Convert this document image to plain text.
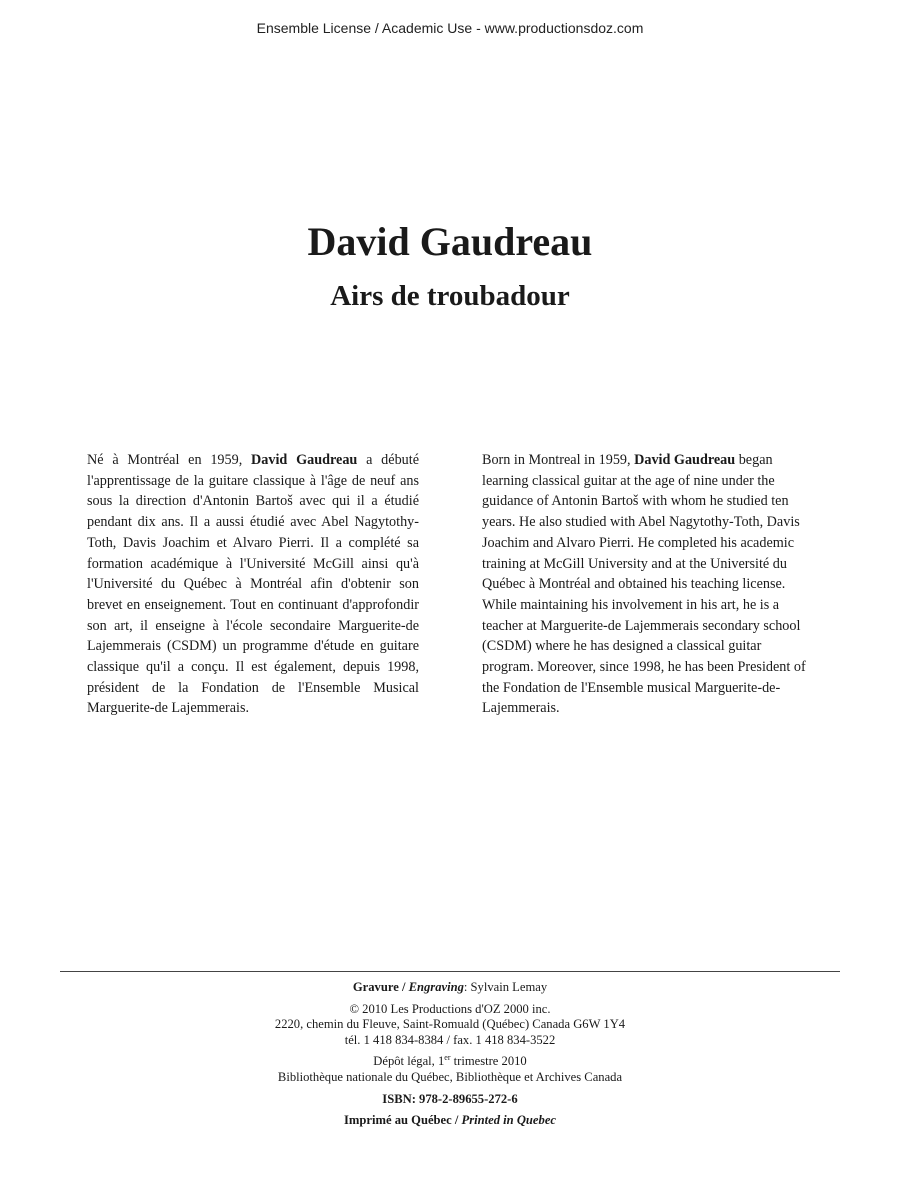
Ensemble License / Academic Use - www.productionsdoz.com
David Gaudreau
Airs de troubadour

Né à Montréal en 1959, David Gaudreau a débuté l'apprentissage de la guitare classique à l'âge de neuf ans sous la direction d'Antonin Bartoš avec qui il a étudié pendant dix ans. Il a aussi étudié avec Abel Nagytothy-Toth, Davis Joachim et Alvaro Pierri. Il a complété sa formation académique à l'Université McGill ainsi qu'à l'Université du Québec à Montréal afin d'obtenir son brevet en enseignement. Tout en continuant d'approfondir son art, il enseigne à l'école secondaire Marguerite-de Lajemmerais (CSDM) un programme d'étude en guitare classique qu'il a conçu. Il est également, depuis 1998, président de la Fondation de l'Ensemble Musical Marguerite-de Lajemmerais.

Born in Montreal in 1959, David Gaudreau began learning classical guitar at the age of nine under the guidance of Antonin Bartoš with whom he studied ten years. He also studied with Abel Nagytothy-Toth, Davis Joachim and Alvaro Pierri. He completed his academic training at McGill University and at the Université du Québec à Montréal and obtained his teaching license. While maintaining his involvement in his art, he is a teacher at Marguerite-de Lajemmerais secondary school (CSDM) where he has designed a classical guitar program. Moreover, since 1998, he has been President of the Fondation de l'Ensemble musical Marguerite-de-Lajemmerais.

Gravure / Engraving: Sylvain Lemay
© 2010 Les Productions d'OZ 2000 inc.
2220, chemin du Fleuve, Saint-Romuald (Québec) Canada G6W 1Y4
tél. 1 418 834-8384 / fax. 1 418 834-3522
Dépôt légal, 1er trimestre 2010
Bibliothèque nationale du Québec, Bibliothèque et Archives Canada
ISBN: 978-2-89655-272-6
Imprimé au Québec / Printed in Quebec
